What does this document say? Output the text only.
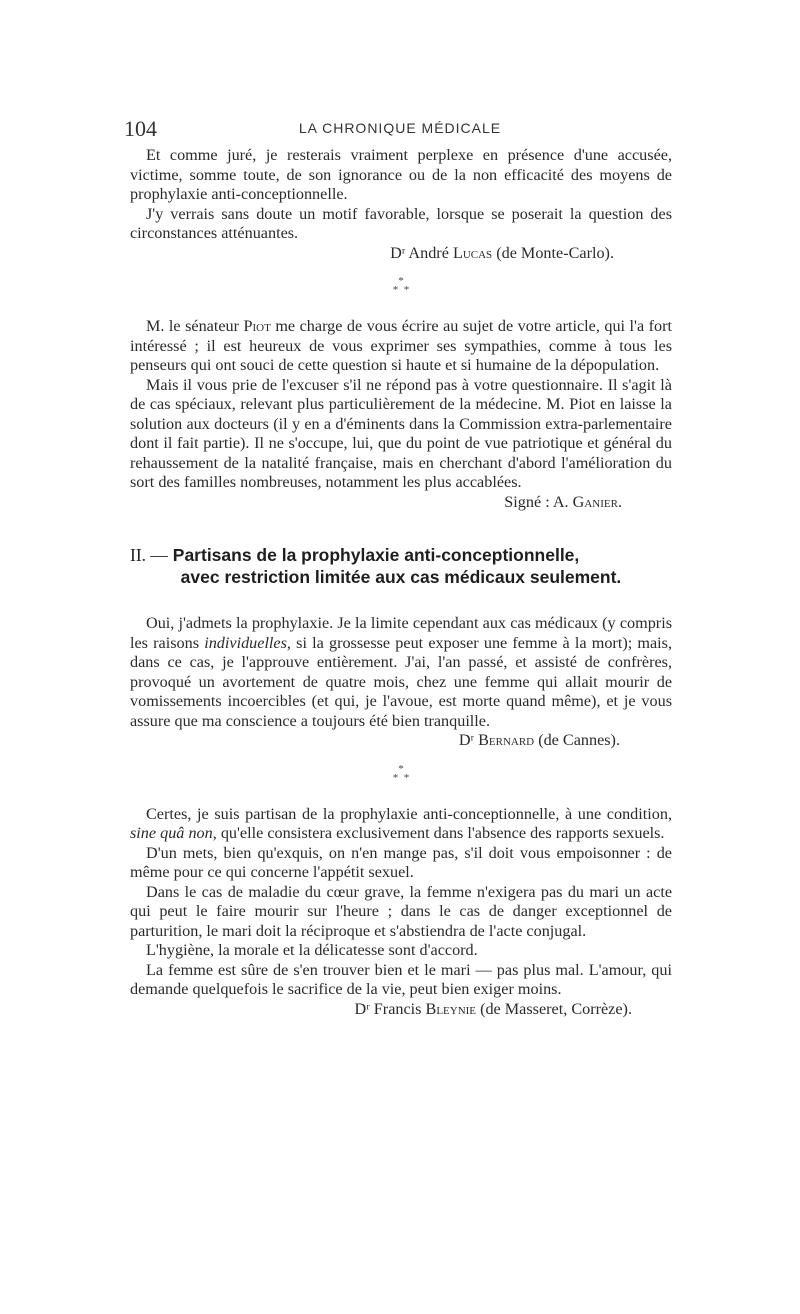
104	LA CHRONIQUE MÉDICALE

Et comme juré, je resterais vraiment perplexe en présence d'une accusée, victime, somme toute, de son ignorance ou de la non efficacité des moyens de prophylaxie anti-conceptionnelle.

J'y verrais sans doute un motif favorable, lorsque se poserait la question des circonstances atténuantes.

Dʳ André Lucas (de Monte-Carlo).

*

* *

M. le sénateur Piot me charge de vous écrire au sujet de votre article, qui l'a fort intéressé ; il est heureux de vous exprimer ses sympathies, comme à tous les penseurs qui ont souci de cette question si haute et si humaine de la dépopulation.

Mais il vous prie de l'excuser s'il ne répond pas à votre questionnaire. Il s'agit là de cas spéciaux, relevant plus particulièrement de la médecine. M. Piot en laisse la solution aux docteurs (il y en a d'éminents dans la Commission extra-parlementaire dont il fait partie). Il ne s'occupe, lui, que du point de vue patriotique et général du rehaussement de la natalité française, mais en cherchant d'abord l'amélioration du sort des familles nombreuses, notamment les plus accablées.

Signé : A. Ganier.

II. — Partisans de la prophylaxie anti-conceptionnelle,
avec restriction limitée aux cas médicaux seulement.

Oui, j'admets la prophylaxie. Je la limite cependant aux cas médicaux (y compris les raisons individuelles, si la grossesse peut exposer une femme à la mort); mais, dans ce cas, je l'approuve entièrement. J'ai, l'an passé, et assisté de confrères, provoqué un avortement de quatre mois, chez une femme qui allait mourir de vomissements incoercibles (et qui, je l'avoue, est morte quand même), et je vous assure que ma conscience a toujours été bien tranquille.

Dʳ Bernard (de Cannes).

*

* *

Certes, je suis partisan de la prophylaxie anti-conceptionnelle, à une condition, sine quâ non, qu'elle consistera exclusivement dans l'absence des rapports sexuels.

D'un mets, bien qu'exquis, on n'en mange pas, s'il doit vous empoisonner : de même pour ce qui concerne l'appétit sexuel.

Dans le cas de maladie du cœur grave, la femme n'exigera pas du mari un acte qui peut le faire mourir sur l'heure ; dans le cas de danger exceptionnel de parturition, le mari doit la réciproque et s'abstiendra de l'acte conjugal.

L'hygiène, la morale et la délicatesse sont d'accord.

La femme est sûre de s'en trouver bien et le mari — pas plus mal. L'amour, qui demande quelquefois le sacrifice de la vie, peut bien exiger moins.

Dʳ Francis Bleynie (de Masseret, Corrèze).
